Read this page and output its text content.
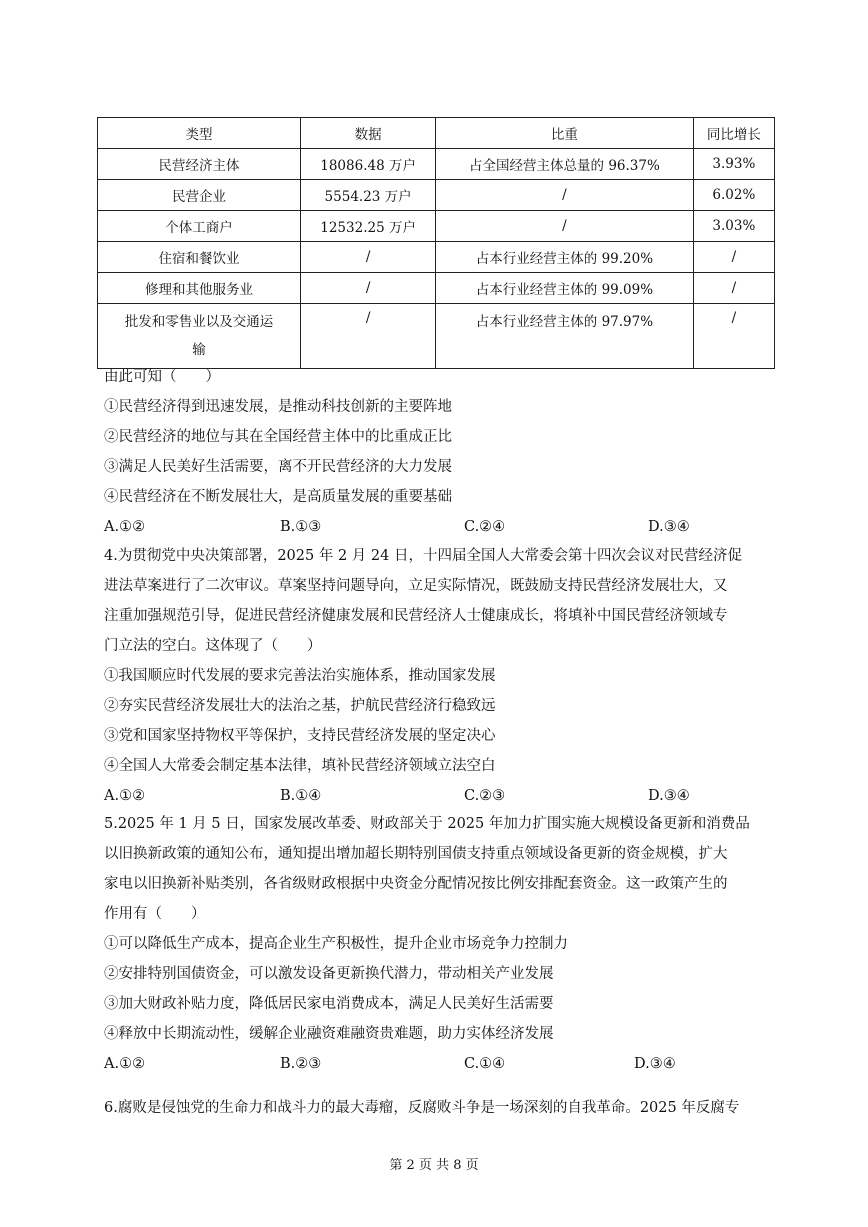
类型	数据	比重	同比增长
民营经济主体	18086.48 万户	占全国经营主体总量的 96.37%	3.93%
民营企业	5554.23 万户	/	6.02%
个体工商户	12532.25 万户	/	3.03%
住宿和餐饮业	/	占本行业经营主体的 99.20%	/
修理和其他服务业	/	占本行业经营主体的 99.09%	/

批发和零售业以及交通运
输	/	占本行业经营主体的 97.97%	/
由此可知（　　）
①民营经济得到迅速发展，是推动科技创新的主要阵地
②民营经济的地位与其在全国经营主体中的比重成正比
③满足人民美好生活需要，离不开民营经济的大力发展
④民营经济在不断发展壮大，是高质量发展的重要基础
A.①②	B.①③	C.②④	D.③④
4.为贯彻党中央决策部署，2025 年 2 月 24 日，十四届全国人大常委会第十四次会议对民营经济促
进法草案进行了二次审议。草案坚持问题导向，立足实际情况，既鼓励支持民营经济发展壮大，又
注重加强规范引导，促进民营经济健康发展和民营经济人士健康成长，将填补中国民营经济领域专
门立法的空白。这体现了（　　）
①我国顺应时代发展的要求完善法治实施体系，推动国家发展
②夯实民营经济发展壮大的法治之基，护航民营经济行稳致远
③党和国家坚持物权平等保护，支持民营经济发展的坚定决心
④全国人大常委会制定基本法律，填补民营经济领域立法空白
A.①②	B.①④	C.②③	D.③④
5.2025 年 1 月 5 日，国家发展改革委、财政部关于 2025 年加力扩围实施大规模设备更新和消费品
以旧换新政策的通知公布，通知提出增加超长期特别国债支持重点领域设备更新的资金规模，扩大
家电以旧换新补贴类别，各省级财政根据中央资金分配情况按比例安排配套资金。这一政策产生的
作用有（　　）
①可以降低生产成本，提高企业生产积极性，提升企业市场竞争力控制力
②安排特别国债资金，可以激发设备更新换代潜力，带动相关产业发展
③加大财政补贴力度，降低居民家电消费成本，满足人民美好生活需要
④释放中长期流动性，缓解企业融资难融资贵难题，助力实体经济发展
A.①②	B.②③	C.①④	D.③④
6.腐败是侵蚀党的生命力和战斗力的最大毒瘤，反腐败斗争是一场深刻的自我革命。2025 年反腐专
第 2 页 共 8 页
